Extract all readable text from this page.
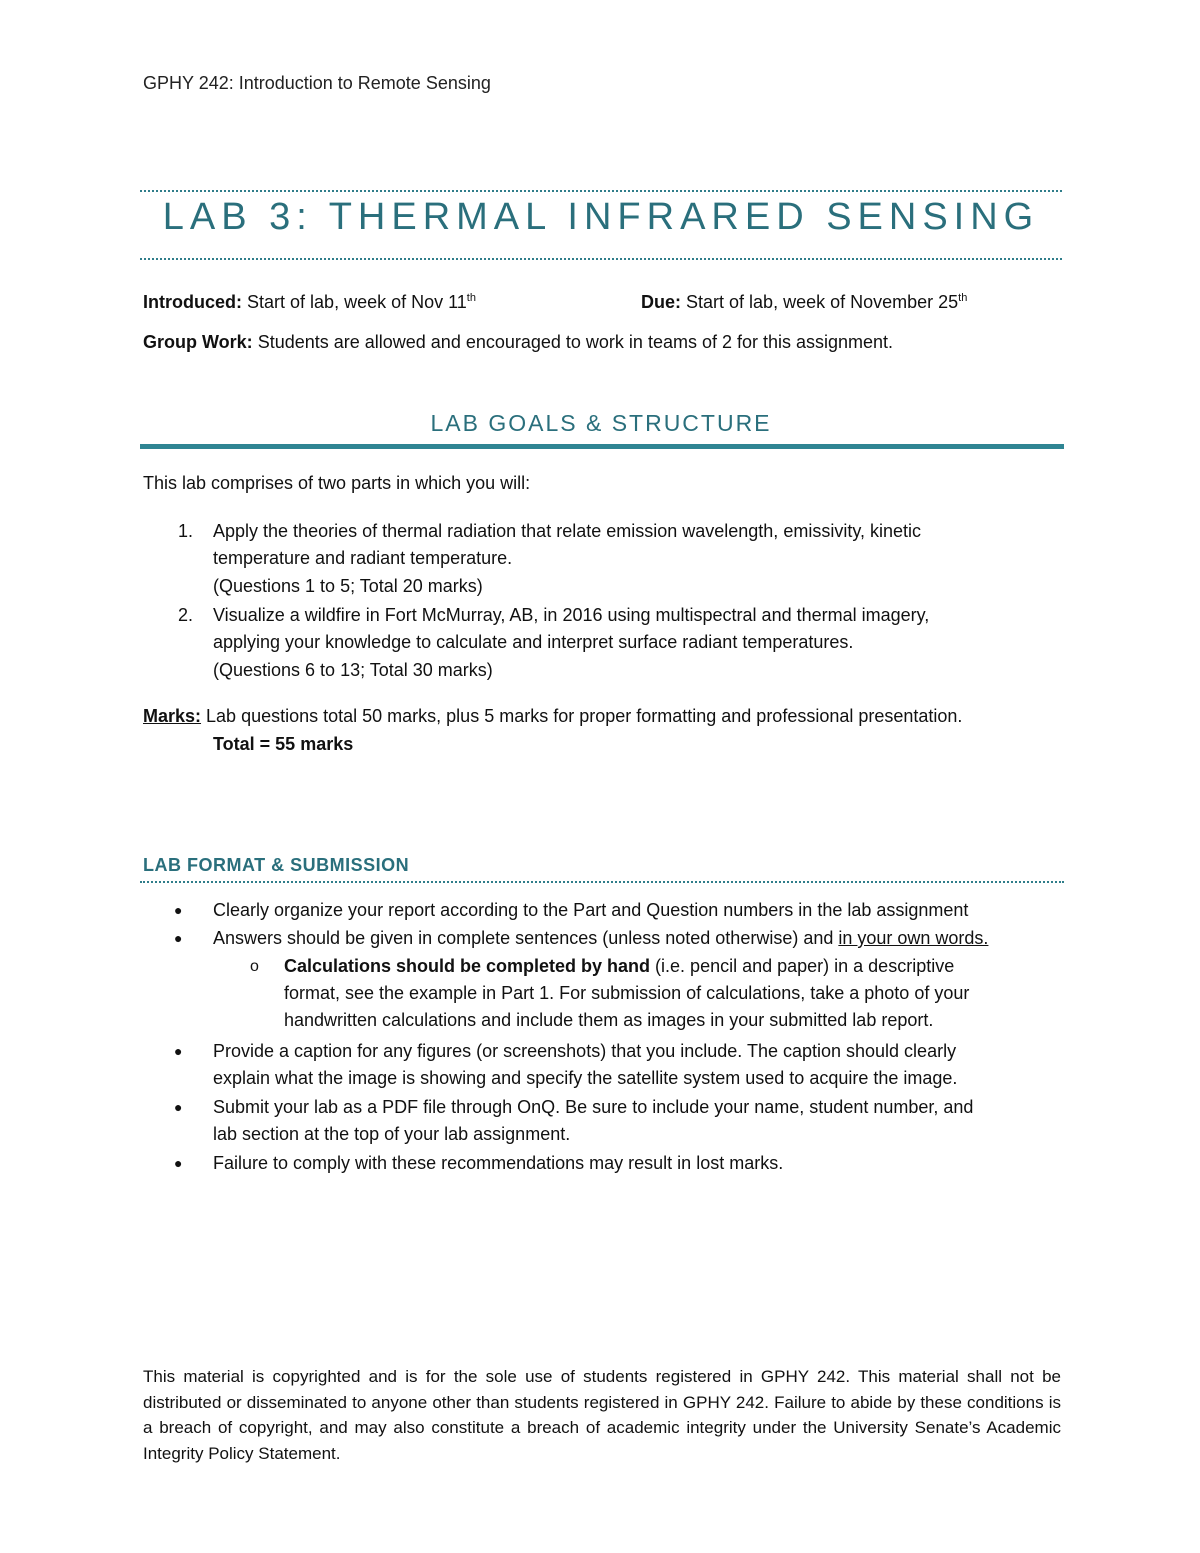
GPHY 242: Introduction to Remote Sensing
LAB 3: THERMAL INFRARED SENSING
Introduced: Start of lab, week of Nov 11th	Due: Start of lab, week of November 25th
Group Work: Students are allowed and encouraged to work in teams of 2 for this assignment.
LAB GOALS & STRUCTURE
This lab comprises of two parts in which you will:
1. Apply the theories of thermal radiation that relate emission wavelength, emissivity, kinetic
temperature and radiant temperature.
(Questions 1 to 5; Total 20 marks)
2. Visualize a wildfire in Fort McMurray, AB, in 2016 using multispectral and thermal imagery,
applying your knowledge to calculate and interpret surface radiant temperatures.
(Questions 6 to 13; Total 30 marks)
Marks: Lab questions total 50 marks, plus 5 marks for proper formatting and professional presentation.
Total = 55 marks
LAB FORMAT & SUBMISSION
● Clearly organize your report according to the Part and Question numbers in the lab assignment
● Answers should be given in complete sentences (unless noted otherwise) and in your own words.
o Calculations should be completed by hand (i.e. pencil and paper) in a descriptive
format, see the example in Part 1. For submission of calculations, take a photo of your
handwritten calculations and include them as images in your submitted lab report.
● Provide a caption for any figures (or screenshots) that you include. The caption should clearly
explain what the image is showing and specify the satellite system used to acquire the image.
● Submit your lab as a PDF file through OnQ. Be sure to include your name, student number, and
lab section at the top of your lab assignment.
● Failure to comply with these recommendations may result in lost marks.
This material is copyrighted and is for the sole use of students registered in GPHY 242. This material shall not be distributed or disseminated to anyone other than students registered in GPHY 242. Failure to abide by these conditions is a breach of copyright, and may also constitute a breach of academic integrity under the University Senate’s Academic Integrity Policy Statement.
